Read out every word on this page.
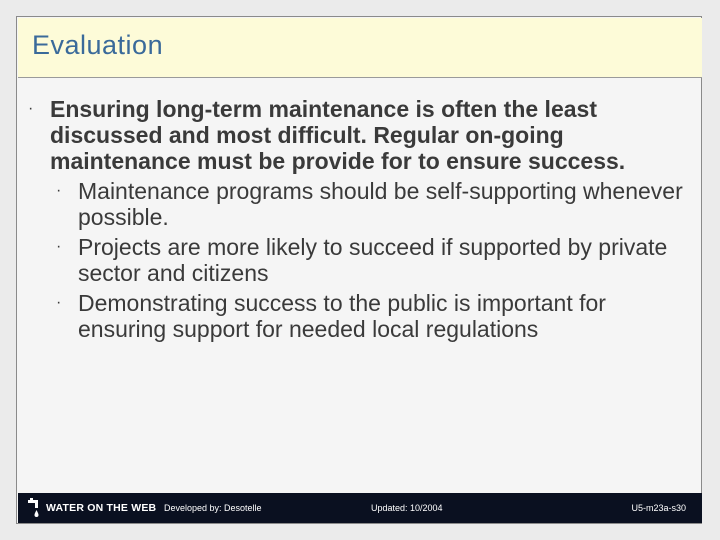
Evaluation
· Ensuring long-term maintenance is often the least discussed and most difficult. Regular on-going maintenance must be provide for to ensure success.
· Maintenance programs should be self-supporting whenever possible.
· Projects are more likely to succeed if supported by private sector and citizens
· Demonstrating success to the public is important for ensuring support for needed local regulations
WATER ON THE WEB Developed by: Desotelle	Updated: 10/2004	U5-m23a-s30
